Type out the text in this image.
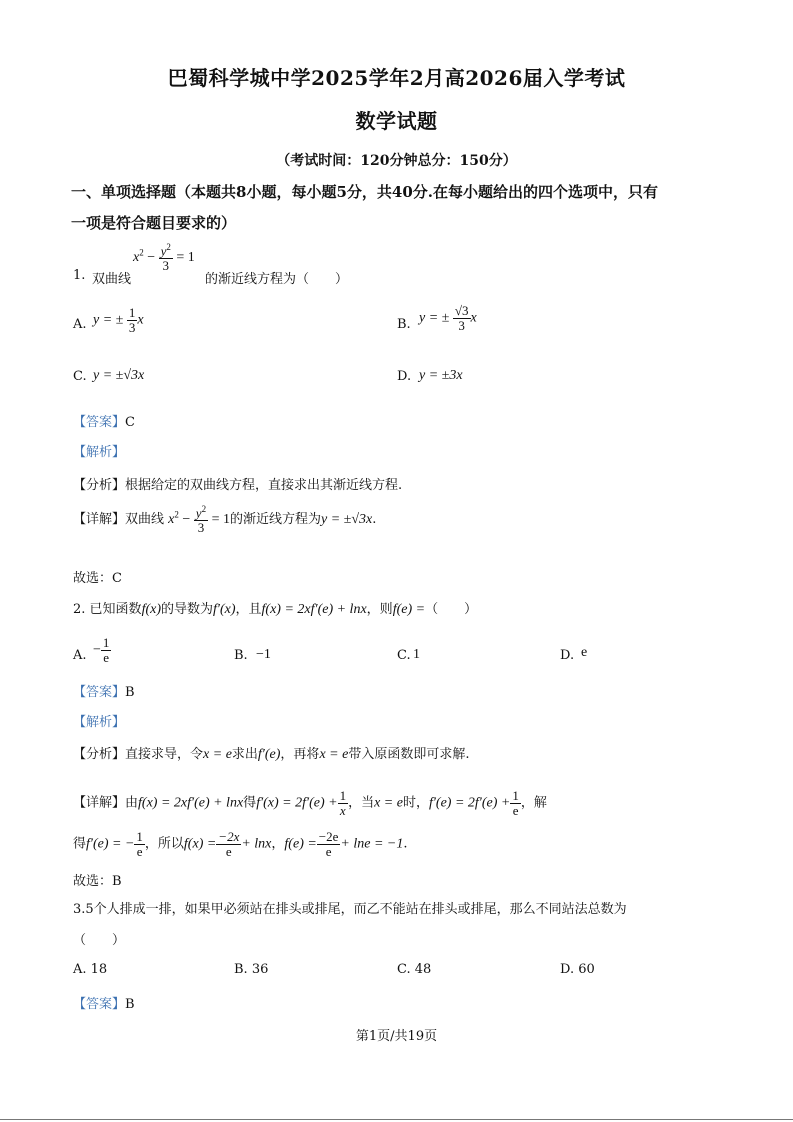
巴蜀科学城中学2025学年2月高2026届入学考试
数学试题
（考试时间：120分钟总分：150分）
一、单项选择题（本题共8小题，每小题5分，共40分.在每小题给出的四个选项中，只有
一项是符合题目要求的）
1. 双曲线
$x^2 - \frac{y^2}{3} = 1$
的渐近线方程为（　　）
A. y = ± $\frac{1}{3}$ x	B. y = ± $\frac{√3}{3}$ x
C. y = ±√3x	D. y = ±3x
【答案】C
【解析】
【分析】根据给定的双曲线方程，直接求出其渐近线方程.
【详解】双曲线 $x^2 - \frac{y^2}{3} = 1$的渐近线方程为y = ±√3x.
故选：C
2. 已知函数f(x)的导数为f′(x)，且f(x) = 2xf′(e) + lnx，则f(e) =（　　）
A. − $\frac{1}{e}$	B. −1	C. 1	D. e
【答案】B
【解析】
【分析】直接求导，令x = e求出f′(e)，再将x = e带入原函数即可求解.
【详解】由f(x) = 2xf′(e) + lnx得$f'(x) = 2f'(e) + \frac{1}{x}$ ，当x = e时，$f'(e) = 2f'(e) + \frac{1}{e}$ ，解
得f′(e) = − $\frac{1}{e}$ ，所以$f(x) = \frac{-2x}{e} + \ln x$，$f(e) = \frac{-2e}{e} + \ln e = -1$.
故选：B
3.5个人排成一排，如果甲必须站在排头或排尾，而乙不能站在排头或排尾，那么不同站法总数为
（　　）
A. 18	B. 36	C. 48	D. 60
【答案】B
第1页/共19页
